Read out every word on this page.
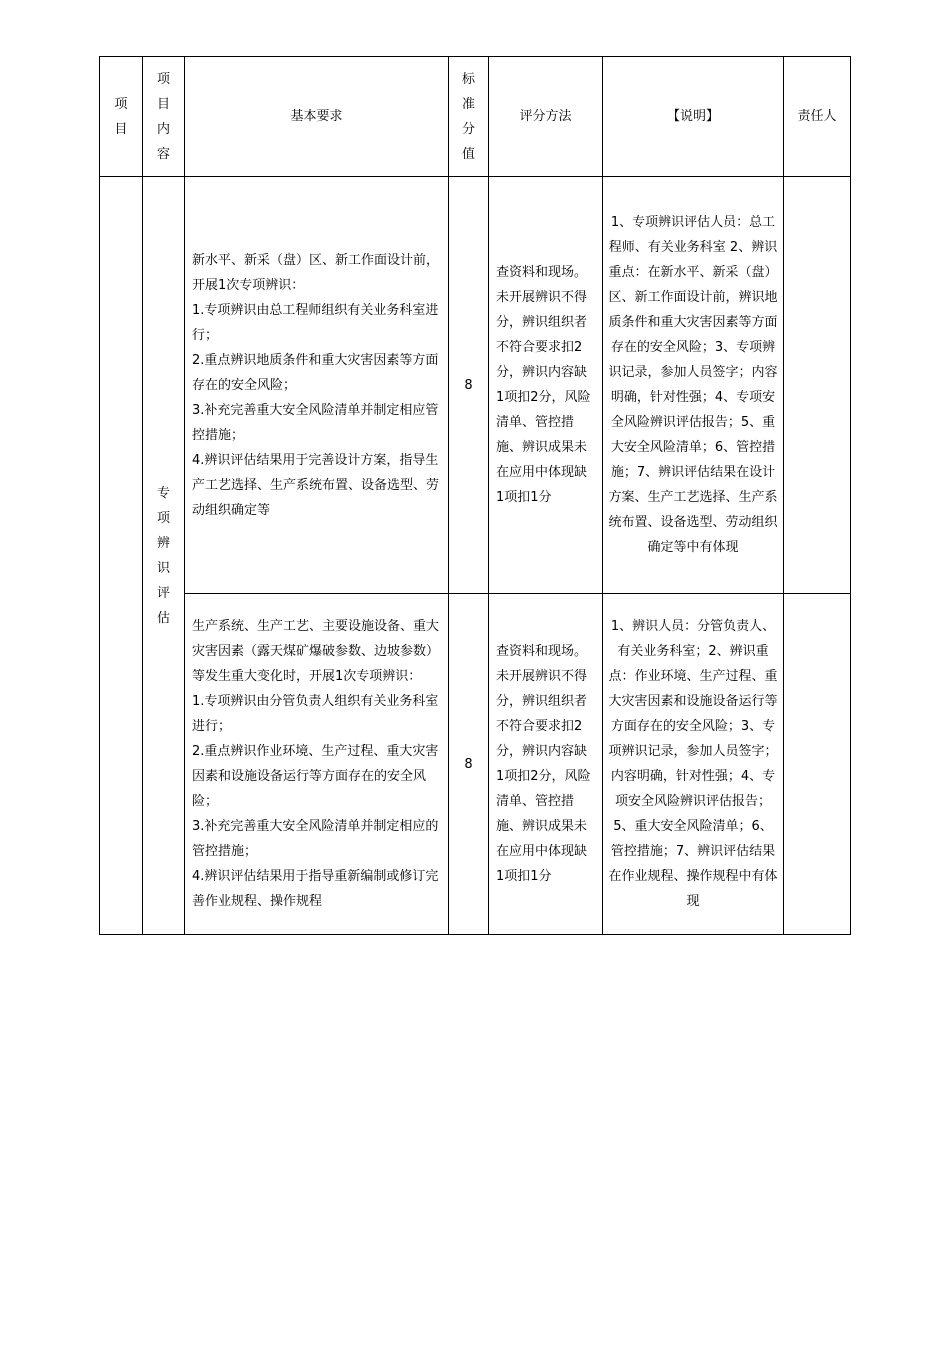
项目	项目内容	基本要求	标准分值	评分方法	【说明】	责任人

	专项辨识评估	新水平、新采（盘）区、新工作面设计前，开展1次专项辨识：
1.专项辨识由总工程师组织有关业务科室进行；
2.重点辨识地质条件和重大灾害因素等方面存在的安全风险；
3.补充完善重大安全风险清单并制定相应管控措施；
4.辨识评估结果用于完善设计方案，指导生产工艺选择、生产系统布置、设备选型、劳动组织确定等	8	查资料和现场。未开展辨识不得分，辨识组织者不符合要求扣2分，辨识内容缺1项扣2分，风险清单、管控措施、辨识成果未在应用中体现缺1项扣1分	1、专项辨识评估人员：总工程师、有关业务科室 2、辨识重点：在新水平、新采（盘）区、新工作面设计前，辨识地质条件和重大灾害因素等方面存在的安全风险；3、专项辨识记录，参加人员签字；内容明确，针对性强；4、专项安全风险辨识评估报告；5、重大安全风险清单；6、管控措施；7、辨识评估结果在设计方案、生产工艺选择、生产系统布置、设备选型、劳动组织确定等中有体现	

		生产系统、生产工艺、主要设施设备、重大灾害因素（露天煤矿爆破参数、边坡参数）等发生重大变化时，开展1次专项辨识：
1.专项辨识由分管负责人组织有关业务科室进行；
2.重点辨识作业环境、生产过程、重大灾害因素和设施设备运行等方面存在的安全风险；
3.补充完善重大安全风险清单并制定相应的管控措施；
4.辨识评估结果用于指导重新编制或修订完善作业规程、操作规程	8	查资料和现场。未开展辨识不得分，辨识组织者不符合要求扣2分，辨识内容缺1项扣2分，风险清单、管控措施、辨识成果未在应用中体现缺1项扣1分	1、辨识人员：分管负责人、有关业务科室；2、辨识重点：作业环境、生产过程、重大灾害因素和设施设备运行等方面存在的安全风险；3、专项辨识记录，参加人员签字；内容明确，针对性强；4、专项安全风险辨识评估报告；5、重大安全风险清单；6、管控措施；7、辨识评估结果在作业规程、操作规程中有体现	
